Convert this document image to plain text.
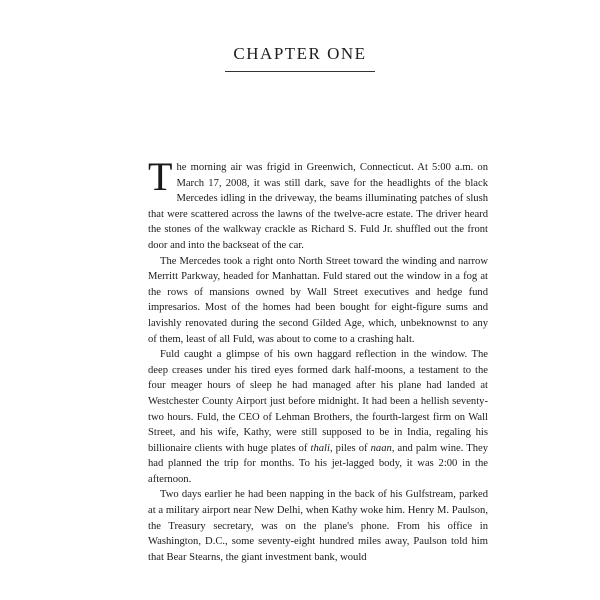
CHAPTER ONE

The morning air was frigid in Greenwich, Connecticut. At 5:00 a.m. on March 17, 2008, it was still dark, save for the headlights of the black Mercedes idling in the driveway, the beams illuminating patches of slush that were scattered across the lawns of the twelve-acre estate. The driver heard the stones of the walkway crackle as Richard S. Fuld Jr. shuffled out the front door and into the backseat of the car.

The Mercedes took a right onto North Street toward the winding and narrow Merritt Parkway, headed for Manhattan. Fuld stared out the window in a fog at the rows of mansions owned by Wall Street executives and hedge fund impresarios. Most of the homes had been bought for eight-figure sums and lavishly renovated during the second Gilded Age, which, unbeknownst to any of them, least of all Fuld, was about to come to a crashing halt.

Fuld caught a glimpse of his own haggard reflection in the window. The deep creases under his tired eyes formed dark half-moons, a testament to the four meager hours of sleep he had managed after his plane had landed at Westchester County Airport just before midnight. It had been a hellish seventy-two hours. Fuld, the CEO of Lehman Brothers, the fourth-largest firm on Wall Street, and his wife, Kathy, were still supposed to be in India, regaling his billionaire clients with huge plates of thali, piles of naan, and palm wine. They had planned the trip for months. To his jet-lagged body, it was 2:00 in the afternoon.

Two days earlier he had been napping in the back of his Gulfstream, parked at a military airport near New Delhi, when Kathy woke him. Henry M. Paulson, the Treasury secretary, was on the plane's phone. From his office in Washington, D.C., some seventy-eight hundred miles away, Paulson told him that Bear Stearns, the giant investment bank, would
